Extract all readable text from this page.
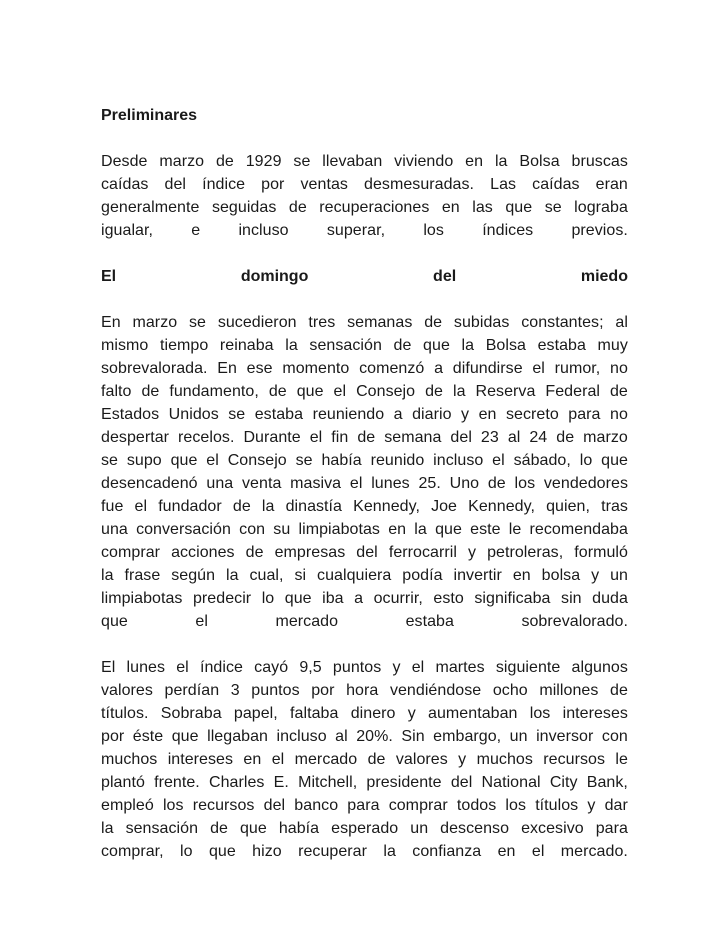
Preliminares
Desde marzo de 1929 se llevaban viviendo en la Bolsa bruscas
caídas del índice por ventas desmesuradas. Las caídas eran
generalmente seguidas de recuperaciones en las que se lograba
igualar, e incluso superar, los índices previos.
El	domingo	del	miedo
En marzo se sucedieron tres semanas de subidas constantes; al
mismo tiempo reinaba la sensación de que la Bolsa estaba muy
sobrevalorada. En ese momento comenzó a difundirse el rumor, no
falto de fundamento, de que el Consejo de la Reserva Federal de
Estados Unidos se estaba reuniendo a diario y en secreto para no
despertar recelos. Durante el fin de semana del 23 al 24 de marzo
se supo que el Consejo se había reunido incluso el sábado, lo que
desencadenó una venta masiva el lunes 25. Uno de los vendedores
fue el fundador de la dinastía Kennedy, Joe Kennedy, quien, tras
una conversación con su limpiabotas en la que este le recomendaba
comprar acciones de empresas del ferrocarril y petroleras, formuló
la frase según la cual, si cualquiera podía invertir en bolsa y un
limpiabotas predecir lo que iba a ocurrir, esto significaba sin duda
que	el	mercado	estaba	sobrevalorado.
El lunes el índice cayó 9,5 puntos y el martes siguiente algunos
valores perdían 3 puntos por hora vendiéndose ocho millones de
títulos. Sobraba papel, faltaba dinero y aumentaban los intereses
por éste que llegaban incluso al 20%. Sin embargo, un inversor con
muchos intereses en el mercado de valores y muchos recursos le
plantó frente. Charles E. Mitchell, presidente del National City Bank,
empleó los recursos del banco para comprar todos los títulos y dar
la sensación de que había esperado un descenso excesivo para
comprar, lo que hizo recuperar la confianza en el mercado.
